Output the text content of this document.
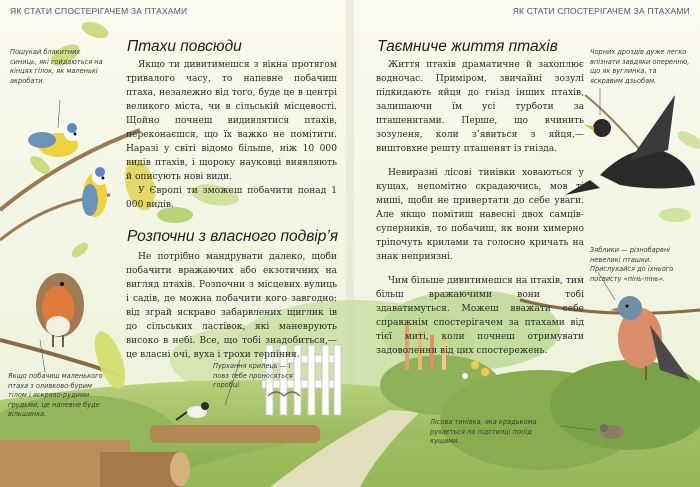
ЯК СТАТИ СПОСТЕРІГАЧЕМ ЗА ПТАХАМИ	ЯК СТАТИ СПОСТЕРІГАЧЕМ ЗА ПТАХАМИ
Птахи повсюди

Якщо ти дивитимешся з вікна протягом тривалого часу, то напевне побачиш птаха, незалежно від того, буде це в центрі великого міста, чи в сільській місцевості. Щойно почнеш видивлятися птахів, переконаєшся, що їх важко не помітити. Наразі у світі відомо більше, ніж 10 000 видів птахів, і щороку науковці виявляють й описують нові види.

У Європі ти зможеш побачити понад 1 000 видів.

Розпочни з власного подвір’я

Не потрібно мандрувати далеко, щоби побачити вражаючих або екзотичних на вигляд птахів. Розпочни з місцевих вулиць і садів, де можна побачити кого завгодно: від зграй яскраво забарвлених щиглик ів до сільських ластівок, які маневрують високо в небі. Все, що тобі знадобиться,— це власні очі, вуха і трохи терпіння.

Пошукай блакитних синиць, які гойдаються на кінцях гілок, як маленькі акробати.
Якщо побачиш маленького птаха з оливково-бурим тілом і яскраво-рудими грудьми, це напевне буде вільшанка.
Пурхання крилець — і повз тебе проносяться горобці.
Таємниче життя птахів

Життя птахів драматичне й захоплює водночас. Приміром, звичайні зозулі підкидають яйця до гнізд інших птахів, залишаючи їм усі турботи за пташенятами. Перше, що вчинить зозуленя, коли з’явиться з яйця,— виштовхне решту пташенят із гнізда.

Невиразні лісові тинівки ховаються у кущах, непомітно скрадаючись, мов ті миші, щоби не привертати до себе уваги. Але якщо помітиш навесні двох самців-суперників, то побачиш, як вони химерно тріпочуть крилами та голосно кричать на знак неприязні.

Чим більше дивитимешся на птахів, тим більш вражаючими вони тобі здаватимуться. Можеш вважати себе справжнім спостерігачем за птахами від тієї миті, коли почнеш отримувати задоволення від цих спостережень.

Чорних дроздів дуже легко впізнати завдяки оперенню, що як вуглинка, та яскравим дзьобам.
Зяблики — різнобарвні невеликі пташки. Прислухайся до їхнього посвисту «пінь-пінь».
Лісова тинівка, яка крадькома рухається по підстилці попід кущами.
